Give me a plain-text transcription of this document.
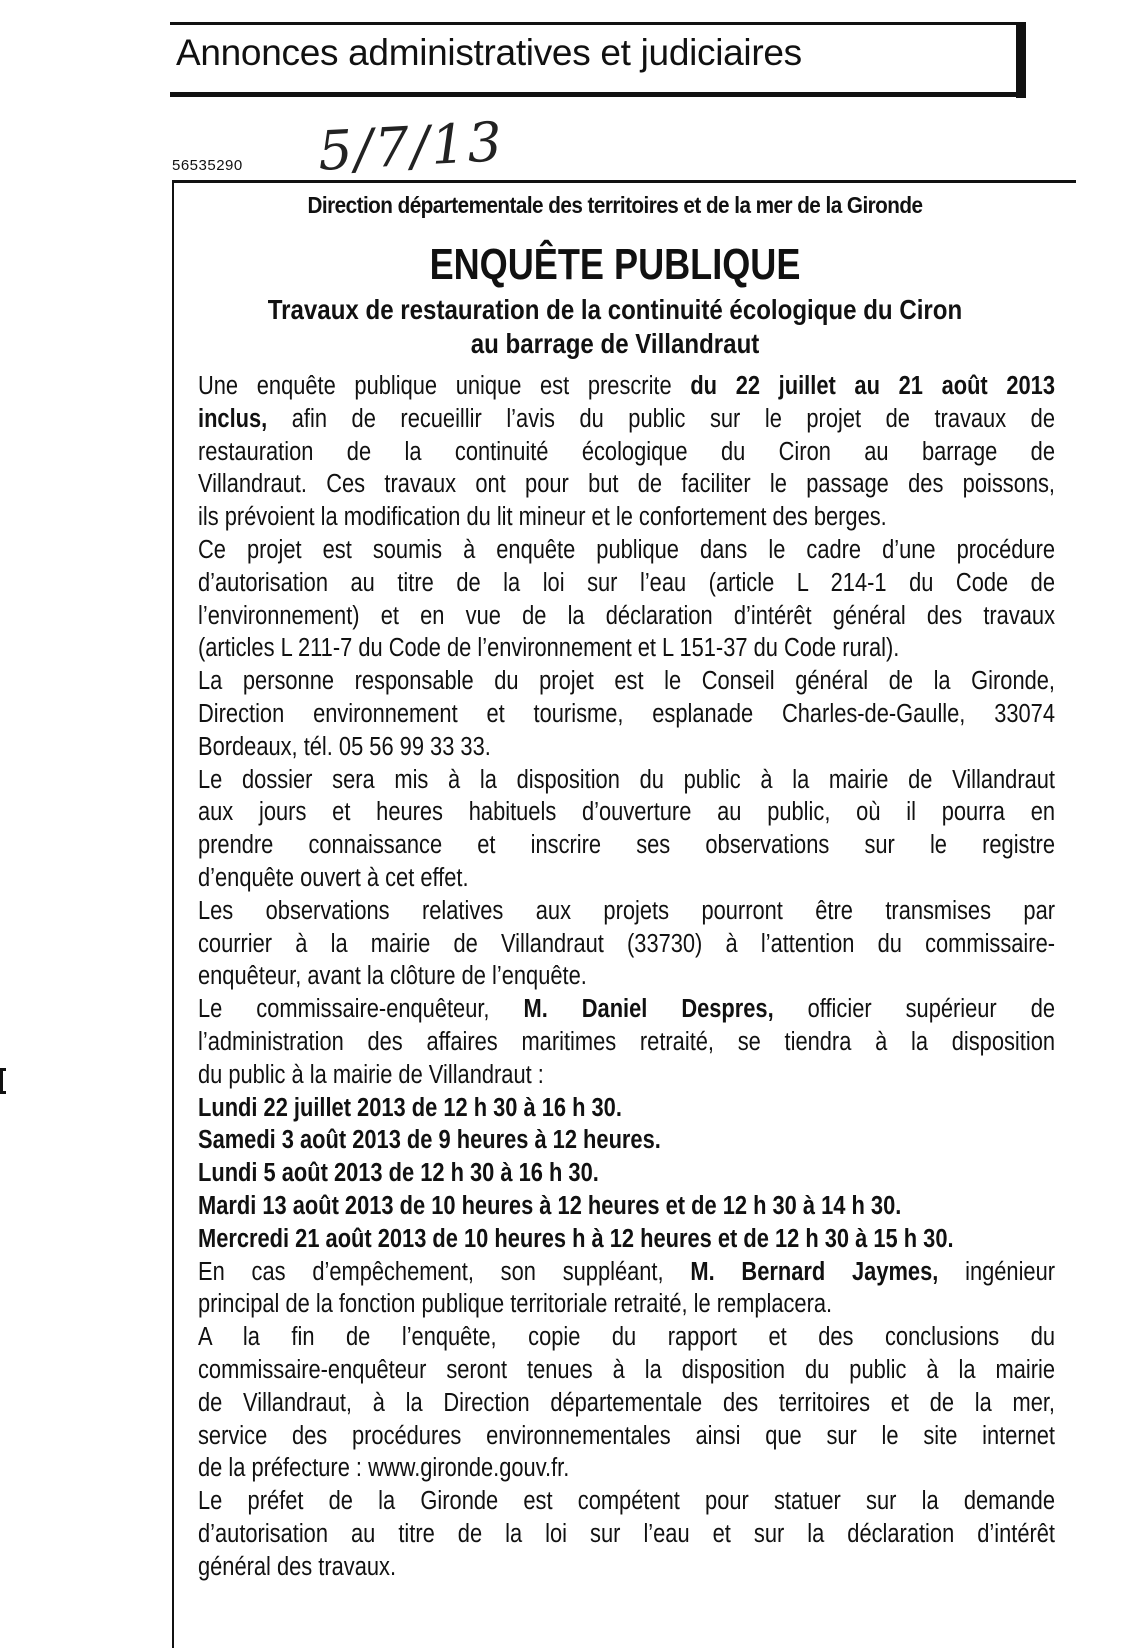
Annonces administratives et judiciaires
56535290 5/7/13
Direction départementale des territoires et de la mer de la Gironde
ENQUÊTE PUBLIQUE
Travaux de restauration de la continuité écologique du Ciron
au barrage de Villandraut
Une enquête publique unique est prescrite du 22 juillet au 21 août 2013
inclus, afin de recueillir l’avis du public sur le projet de travaux de
restauration de la continuité écologique du Ciron au barrage de
Villandraut. Ces travaux ont pour but de faciliter le passage des poissons,
ils prévoient la modification du lit mineur et le confortement des berges.
Ce projet est soumis à enquête publique dans le cadre d’une procédure
d’autorisation au titre de la loi sur l’eau (article L 214-1 du Code de
l’environnement) et en vue de la déclaration d’intérêt général des travaux
(articles L 211-7 du Code de l’environnement et L 151-37 du Code rural).
La personne responsable du projet est le Conseil général de la Gironde,
Direction environnement et tourisme, esplanade Charles-de-Gaulle, 33074
Bordeaux, tél. 05 56 99 33 33.
Le dossier sera mis à la disposition du public à la mairie de Villandraut
aux jours et heures habituels d’ouverture au public, où il pourra en
prendre connaissance et inscrire ses observations sur le registre
d’enquête ouvert à cet effet.
Les observations relatives aux projets pourront être transmises par
courrier à la mairie de Villandraut (33730) à l’attention du commissaire-
enquêteur, avant la clôture de l’enquête.
Le commissaire-enquêteur, M. Daniel Despres, officier supérieur de
l’administration des affaires maritimes retraité, se tiendra à la disposition
du public à la mairie de Villandraut :
Lundi 22 juillet 2013 de 12 h 30 à 16 h 30.
Samedi 3 août 2013 de 9 heures à 12 heures.
Lundi 5 août 2013 de 12 h 30 à 16 h 30.
Mardi 13 août 2013 de 10 heures à 12 heures et de 12 h 30 à 14 h 30.
Mercredi 21 août 2013 de 10 heures h à 12 heures et de 12 h 30 à 15 h 30.
En cas d’empêchement, son suppléant, M. Bernard Jaymes, ingénieur
principal de la fonction publique territoriale retraité, le remplacera.
A la fin de l’enquête, copie du rapport et des conclusions du
commissaire-enquêteur seront tenues à la disposition du public à la mairie
de Villandraut, à la Direction départementale des territoires et de la mer,
service des procédures environnementales ainsi que sur le site internet
de la préfecture : www.gironde.gouv.fr.
Le préfet de la Gironde est compétent pour statuer sur la demande
d’autorisation au titre de la loi sur l’eau et sur la déclaration d’intérêt
général des travaux.
